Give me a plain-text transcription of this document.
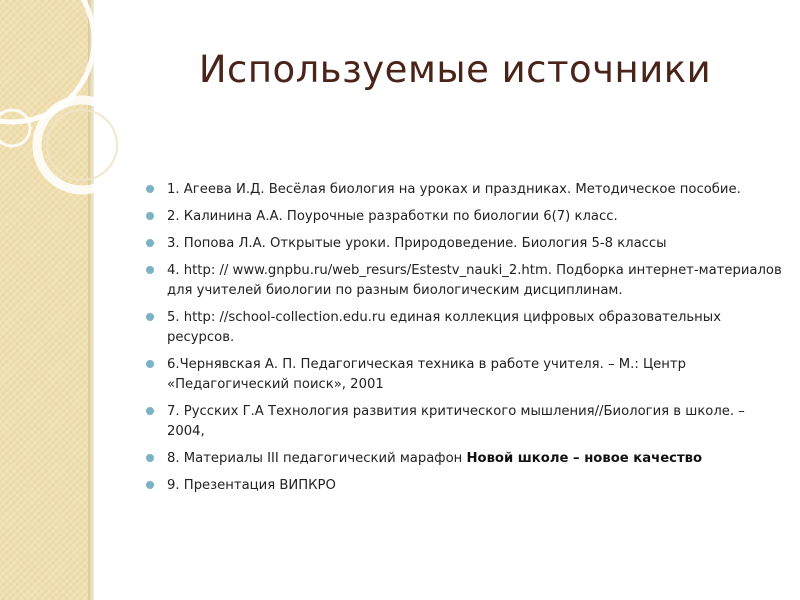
Используемые источники
1. Агеева И.Д. Весёлая биология на уроках и праздниках. Методическое пособие.
2. Калинина А.А. Поурочные разработки по биологии 6(7) класс.
3. Попова Л.А. Открытые уроки. Природоведение. Биология 5-8 классы
4. http: // www.gnpbu.ru/web_resurs/Estestv_nauki_2.htm. Подборка интернет-материалов для учителей биологии по разным биологическим дисциплинам.
5. http: //school-collection.edu.ru единая коллекция цифровых образовательных ресурсов.
6.Чернявская А. П. Педагогическая техника в работе учителя. – М.: Центр «Педагогический поиск», 2001
7. Русских Г.А Технология развития критического мышления//Биология в школе. – 2004,
8. Материалы III педагогический марафон Новой школе – новое качество
9. Презентация ВИПКРО
